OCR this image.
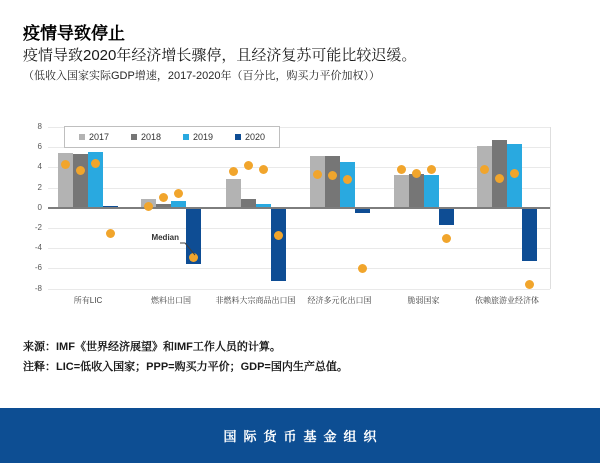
疫情导致停止

疫情导致2020年经济增长骤停，且经济复苏可能比较迟缓。

（低收入国家实际GDP增速，2017-2020年（百分比，购买力平价加权））

2017	2018	2019	2020
Median
8
6
4
2
0
-2
-4
-6
-8
所有LIC	燃料出口国	非燃料大宗商品出口国 经济多元化出口国	脆弱国家	依赖旅游业经济体

来源：IMF《世界经济展望》和IMF工作人员的计算。

注释：LIC=低收入国家；PPP=购买力平价；GDP=国内生产总值。

国际货币基金组织
